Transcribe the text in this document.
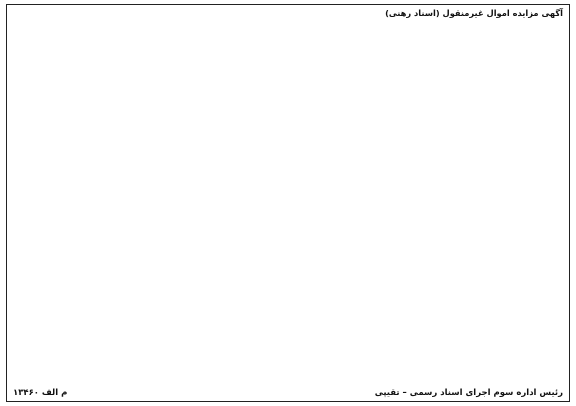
آگهی مزایده اموال غیرمنقول (اسناد رهنی)

رئیس اداره سوم اجرای اسناد رسمی – تقیپی
۱۳۴۶۰ م الف
